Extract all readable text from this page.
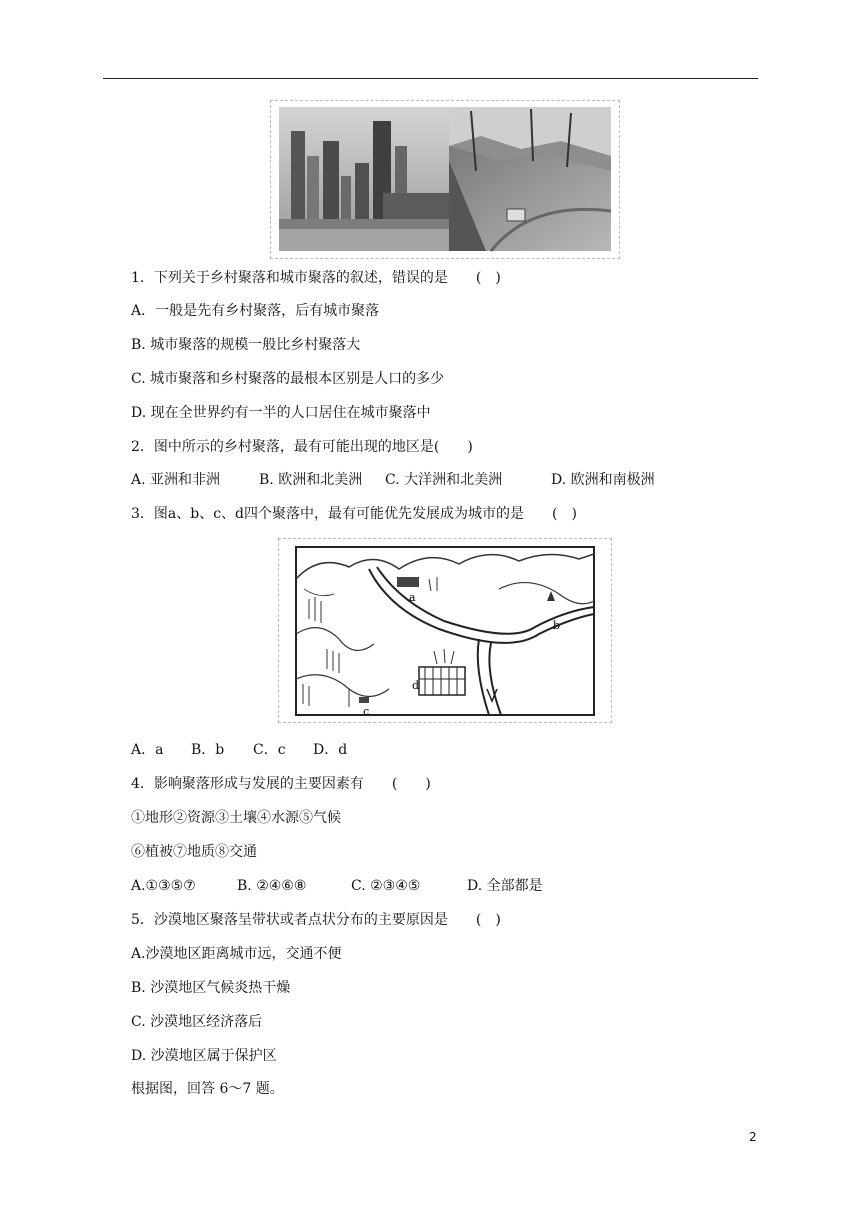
1．下列关于乡村聚落和城市聚落的叙述，错误的是　　(　)
A．一般是先有乡村聚落，后有城市聚落
B. 城市聚落的规模一般比乡村聚落大
C. 城市聚落和乡村聚落的最根本区别是人口的多少
D. 现在全世界约有一半的人口居住在城市聚落中
2．图中所示的乡村聚落，最有可能出现的地区是(　　)
A. 亚洲和非洲	B. 欧洲和北美洲 C. 大洋洲和北美洲	D. 欧洲和南极洲
3．图a、b、c、d四个聚落中，最有可能优先发展成为城市的是　　(　)
a
b
c
d
A．a B．b C．c D．d
4．影响聚落形成与发展的主要因素有　　(　　)
①地形②资源③土壤④水源⑤气候
⑥植被⑦地质⑧交通
A.①③⑤⑦	B. ②④⑥⑧	C. ②③④⑤	D. 全部都是
5．沙漠地区聚落呈带状或者点状分布的主要原因是　　(　)
A.沙漠地区距离城市远，交通不便
B. 沙漠地区气候炎热干燥
C. 沙漠地区经济落后
D. 沙漠地区属于保护区
根据图，回答 6～7 题。
2
